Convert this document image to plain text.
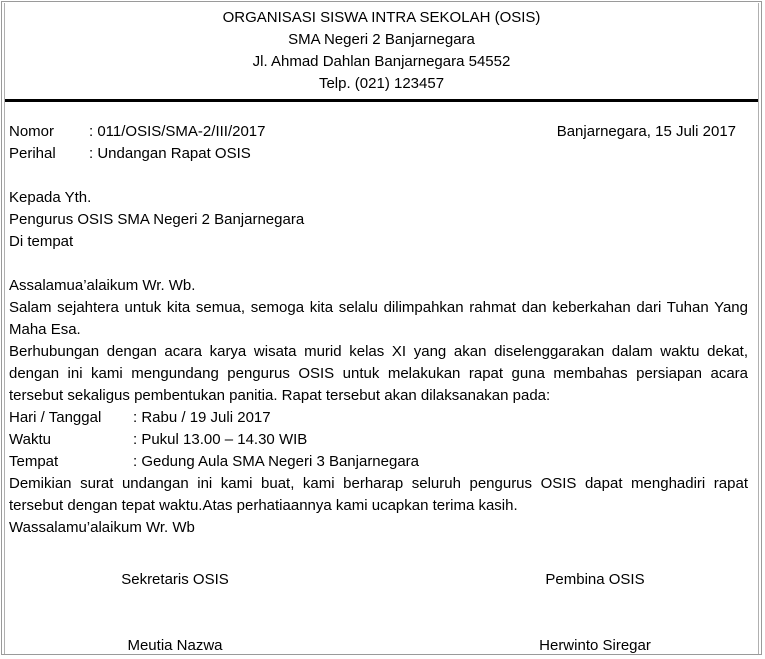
ORGANISASI SISWA INTRA SEKOLAH (OSIS)
SMA Negeri 2 Banjarnegara
Jl. Ahmad Dahlan Banjarnegara 54552
Telp. (021) 123457
Nomor	: 011/OSIS/SMA-2/III/2017	Banjarnegara, 15 Juli 2017
Perihal	: Undangan Rapat OSIS
Kepada Yth.
Pengurus OSIS SMA Negeri 2 Banjarnegara
Di tempat
Assalamua’alaikum Wr. Wb.
Salam sejahtera untuk kita semua, semoga kita selalu dilimpahkan rahmat dan keberkahan dari Tuhan Yang Maha Esa.
Berhubungan dengan acara karya wisata murid kelas XI yang akan diselenggarakan dalam waktu dekat, dengan ini kami mengundang pengurus OSIS untuk melakukan rapat guna membahas persiapan acara tersebut sekaligus pembentukan panitia. Rapat tersebut akan dilaksanakan pada:
Hari / Tanggal	: Rabu / 19 Juli 2017
Waktu	: Pukul 13.00 – 14.30 WIB
Tempat	: Gedung Aula SMA Negeri 3 Banjarnegara
Demikian surat undangan ini kami buat, kami berharap seluruh pengurus OSIS dapat menghadiri rapat tersebut dengan tepat waktu.Atas perhatiaannya kami ucapkan terima kasih.
Wassalamu’alaikum Wr. Wb
Sekretaris OSIS
Meutia Nazwa
Pembina OSIS
Herwinto Siregar
